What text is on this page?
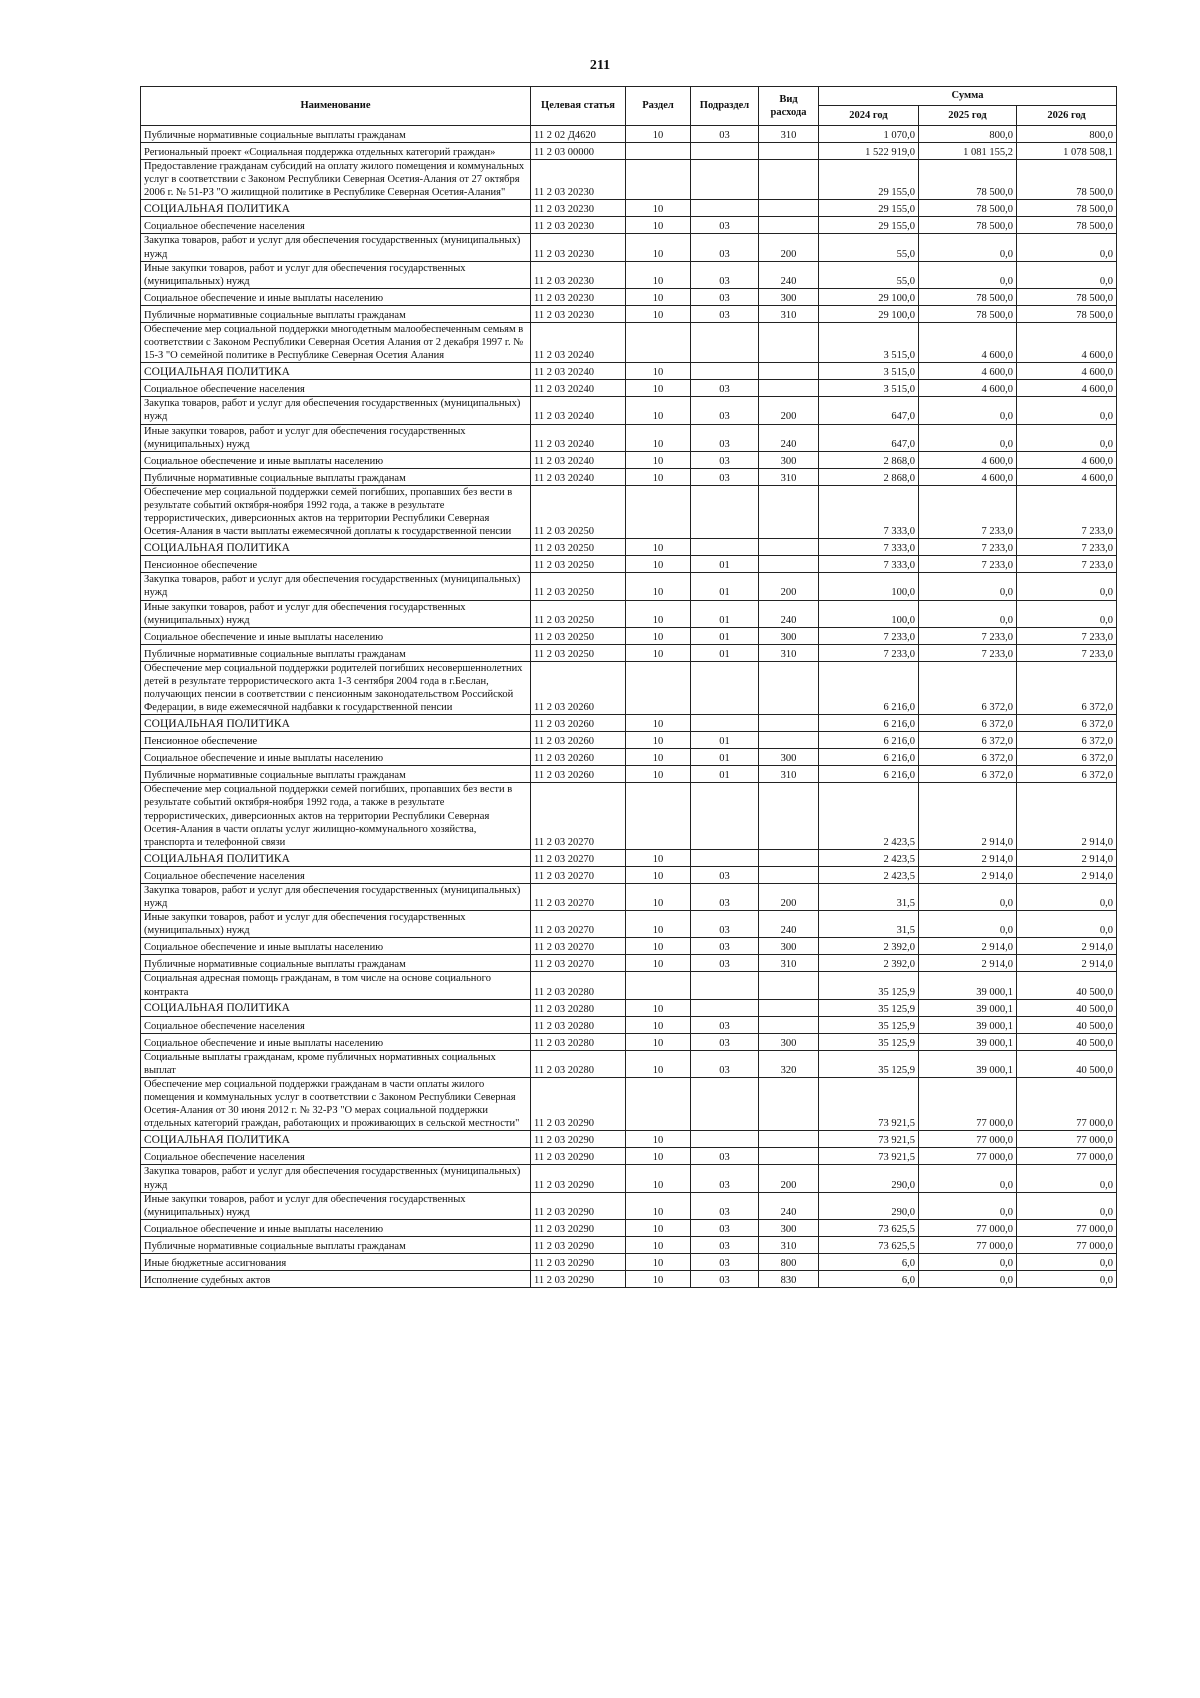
211
Наименование	Целевая статья	Раздел	Подраздел	Вид расхода	Сумма		
					2024 год	2025 год	2026 год
Публичные нормативные социальные выплаты гражданам	11 2 02 Д4620	10	03	310	1 070,0	800,0	800,0
Региональный проект «Социальная поддержка отдельных категорий граждан»	11 2 03 00000				1 522 919,0	1 081 155,2	1 078 508,1
Предоставление гражданам субсидий на оплату жилого помещения и коммунальных услуг в соответствии с Законом Республики Северная Осетия-Алания от 27 октября 2006 г. № 51-РЗ "О жилищной политике в Республике Северная Осетия-Алания"	11 2 03 20230				29 155,0	78 500,0	78 500,0
СОЦИАЛЬНАЯ ПОЛИТИКА	11 2 03 20230	10			29 155,0	78 500,0	78 500,0
Социальное обеспечение населения	11 2 03 20230	10	03		29 155,0	78 500,0	78 500,0
Закупка товаров, работ и услуг для обеспечения государственных (муниципальных) нужд	11 2 03 20230	10	03	200	55,0	0,0	0,0
Иные закупки товаров, работ и услуг для обеспечения государственных (муниципальных) нужд	11 2 03 20230	10	03	240	55,0	0,0	0,0
Социальное обеспечение и иные выплаты населению	11 2 03 20230	10	03	300	29 100,0	78 500,0	78 500,0
Публичные нормативные социальные выплаты гражданам	11 2 03 20230	10	03	310	29 100,0	78 500,0	78 500,0
Обеспечение мер социальной поддержки многодетным малообеспеченным семьям в соответствии с Законом Республики Северная Осетия Алания от 2 декабря 1997 г. № 15-З "О семейной политике в Республике Северная Осетия Алания	11 2 03 20240				3 515,0	4 600,0	4 600,0
СОЦИАЛЬНАЯ ПОЛИТИКА	11 2 03 20240	10			3 515,0	4 600,0	4 600,0
Социальное обеспечение населения	11 2 03 20240	10	03		3 515,0	4 600,0	4 600,0
Закупка товаров, работ и услуг для обеспечения государственных (муниципальных) нужд	11 2 03 20240	10	03	200	647,0	0,0	0,0
Иные закупки товаров, работ и услуг для обеспечения государственных (муниципальных) нужд	11 2 03 20240	10	03	240	647,0	0,0	0,0
Социальное обеспечение и иные выплаты населению	11 2 03 20240	10	03	300	2 868,0	4 600,0	4 600,0
Публичные нормативные социальные выплаты гражданам	11 2 03 20240	10	03	310	2 868,0	4 600,0	4 600,0
Обеспечение мер социальной поддержки семей погибших, пропавших без вести в результате событий октября-ноября 1992 года, а также в результате террористических, диверсионных актов на территории Республики Северная Осетия-Алания в части выплаты ежемесячной доплаты к государственной пенсии	11 2 03 20250				7 333,0	7 233,0	7 233,0
СОЦИАЛЬНАЯ ПОЛИТИКА	11 2 03 20250	10			7 333,0	7 233,0	7 233,0
Пенсионное обеспечение	11 2 03 20250	10	01		7 333,0	7 233,0	7 233,0
Закупка товаров, работ и услуг для обеспечения государственных (муниципальных) нужд	11 2 03 20250	10	01	200	100,0	0,0	0,0
Иные закупки товаров, работ и услуг для обеспечения государственных (муниципальных) нужд	11 2 03 20250	10	01	240	100,0	0,0	0,0
Социальное обеспечение и иные выплаты населению	11 2 03 20250	10	01	300	7 233,0	7 233,0	7 233,0
Публичные нормативные социальные выплаты гражданам	11 2 03 20250	10	01	310	7 233,0	7 233,0	7 233,0
Обеспечение мер социальной поддержки родителей погибших несовершеннолетних детей в результате террористического акта 1-3 сентября 2004 года в г.Беслан, получающих пенсии в соответствии с пенсионным законодательством Российской Федерации, в виде ежемесячной надбавки к государственной пенсии	11 2 03 20260				6 216,0	6 372,0	6 372,0
СОЦИАЛЬНАЯ ПОЛИТИКА	11 2 03 20260	10			6 216,0	6 372,0	6 372,0
Пенсионное обеспечение	11 2 03 20260	10	01		6 216,0	6 372,0	6 372,0
Социальное обеспечение и иные выплаты населению	11 2 03 20260	10	01	300	6 216,0	6 372,0	6 372,0
Публичные нормативные социальные выплаты гражданам	11 2 03 20260	10	01	310	6 216,0	6 372,0	6 372,0
Обеспечение мер социальной поддержки семей погибших, пропавших без вести в результате событий октября-ноября 1992 года, а также в результате террористических, диверсионных актов на территории Республики Северная Осетия-Алания в части оплаты услуг жилищно-коммунального хозяйства, транспорта и телефонной связи	11 2 03 20270				2 423,5	2 914,0	2 914,0
СОЦИАЛЬНАЯ ПОЛИТИКА	11 2 03 20270	10			2 423,5	2 914,0	2 914,0
Социальное обеспечение населения	11 2 03 20270	10	03		2 423,5	2 914,0	2 914,0
Закупка товаров, работ и услуг для обеспечения государственных (муниципальных) нужд	11 2 03 20270	10	03	200	31,5	0,0	0,0
Иные закупки товаров, работ и услуг для обеспечения государственных (муниципальных) нужд	11 2 03 20270	10	03	240	31,5	0,0	0,0
Социальное обеспечение и иные выплаты населению	11 2 03 20270	10	03	300	2 392,0	2 914,0	2 914,0
Публичные нормативные социальные выплаты гражданам	11 2 03 20270	10	03	310	2 392,0	2 914,0	2 914,0
Социальная адресная помощь гражданам, в том числе на основе социального контракта	11 2 03 20280				35 125,9	39 000,1	40 500,0
СОЦИАЛЬНАЯ ПОЛИТИКА	11 2 03 20280	10			35 125,9	39 000,1	40 500,0
Социальное обеспечение населения	11 2 03 20280	10	03		35 125,9	39 000,1	40 500,0
Социальное обеспечение и иные выплаты населению	11 2 03 20280	10	03	300	35 125,9	39 000,1	40 500,0
Социальные выплаты гражданам, кроме публичных нормативных социальных выплат	11 2 03 20280	10	03	320	35 125,9	39 000,1	40 500,0
Обеспечение мер социальной поддержки гражданам в части оплаты жилого помещения и коммунальных услуг в соответствии с Законом Республики Северная Осетия-Алания от 30 июня 2012 г. № 32-РЗ "О мерах социальной поддержки отдельных категорий граждан, работающих и проживающих в сельской местности"	11 2 03 20290				73 921,5	77 000,0	77 000,0
СОЦИАЛЬНАЯ ПОЛИТИКА	11 2 03 20290	10			73 921,5	77 000,0	77 000,0
Социальное обеспечение населения	11 2 03 20290	10	03		73 921,5	77 000,0	77 000,0
Закупка товаров, работ и услуг для обеспечения государственных (муниципальных) нужд	11 2 03 20290	10	03	200	290,0	0,0	0,0
Иные закупки товаров, работ и услуг для обеспечения государственных (муниципальных) нужд	11 2 03 20290	10	03	240	290,0	0,0	0,0
Социальное обеспечение и иные выплаты населению	11 2 03 20290	10	03	300	73 625,5	77 000,0	77 000,0
Публичные нормативные социальные выплаты гражданам	11 2 03 20290	10	03	310	73 625,5	77 000,0	77 000,0
Иные бюджетные ассигнования	11 2 03 20290	10	03	800	6,0	0,0	0,0
Исполнение судебных актов	11 2 03 20290	10	03	830	6,0	0,0	0,0
